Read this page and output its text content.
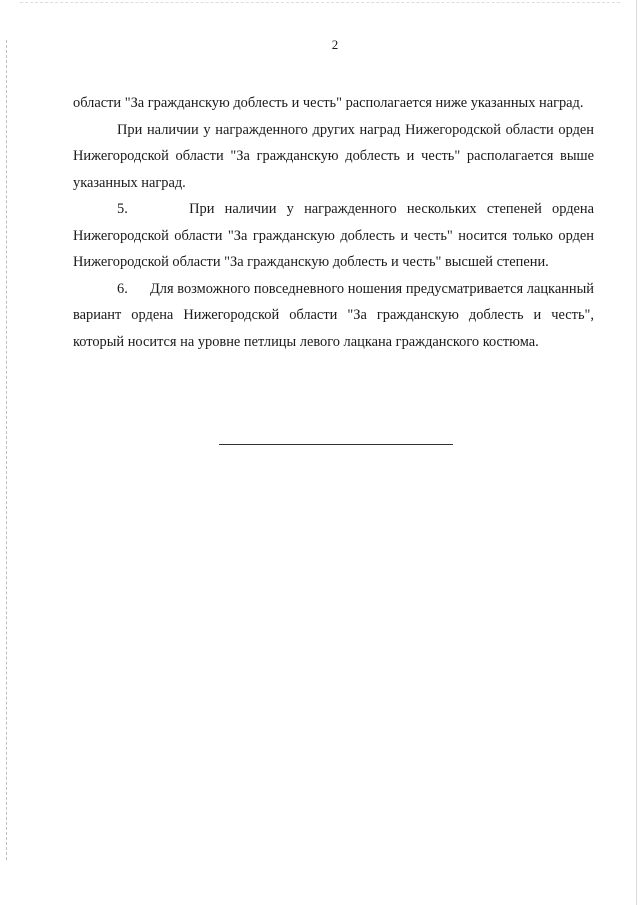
2

области "За гражданскую доблесть и честь" располагается ниже указанных наград.

При наличии у награжденного других наград Нижегородской области орден Нижегородской области "За гражданскую доблесть и честь" располагается выше указанных наград.

5.      При наличии у награжденного нескольких степеней ордена Нижегородской области "За гражданскую доблесть и честь" носится только орден Нижегородской области "За гражданскую доблесть и честь" высшей степени.

6.      Для возможного повседневного ношения предусматривается лацканный вариант ордена Нижегородской области "За гражданскую доблесть и честь", который носится на уровне петлицы левого лацкана гражданского костюма.
